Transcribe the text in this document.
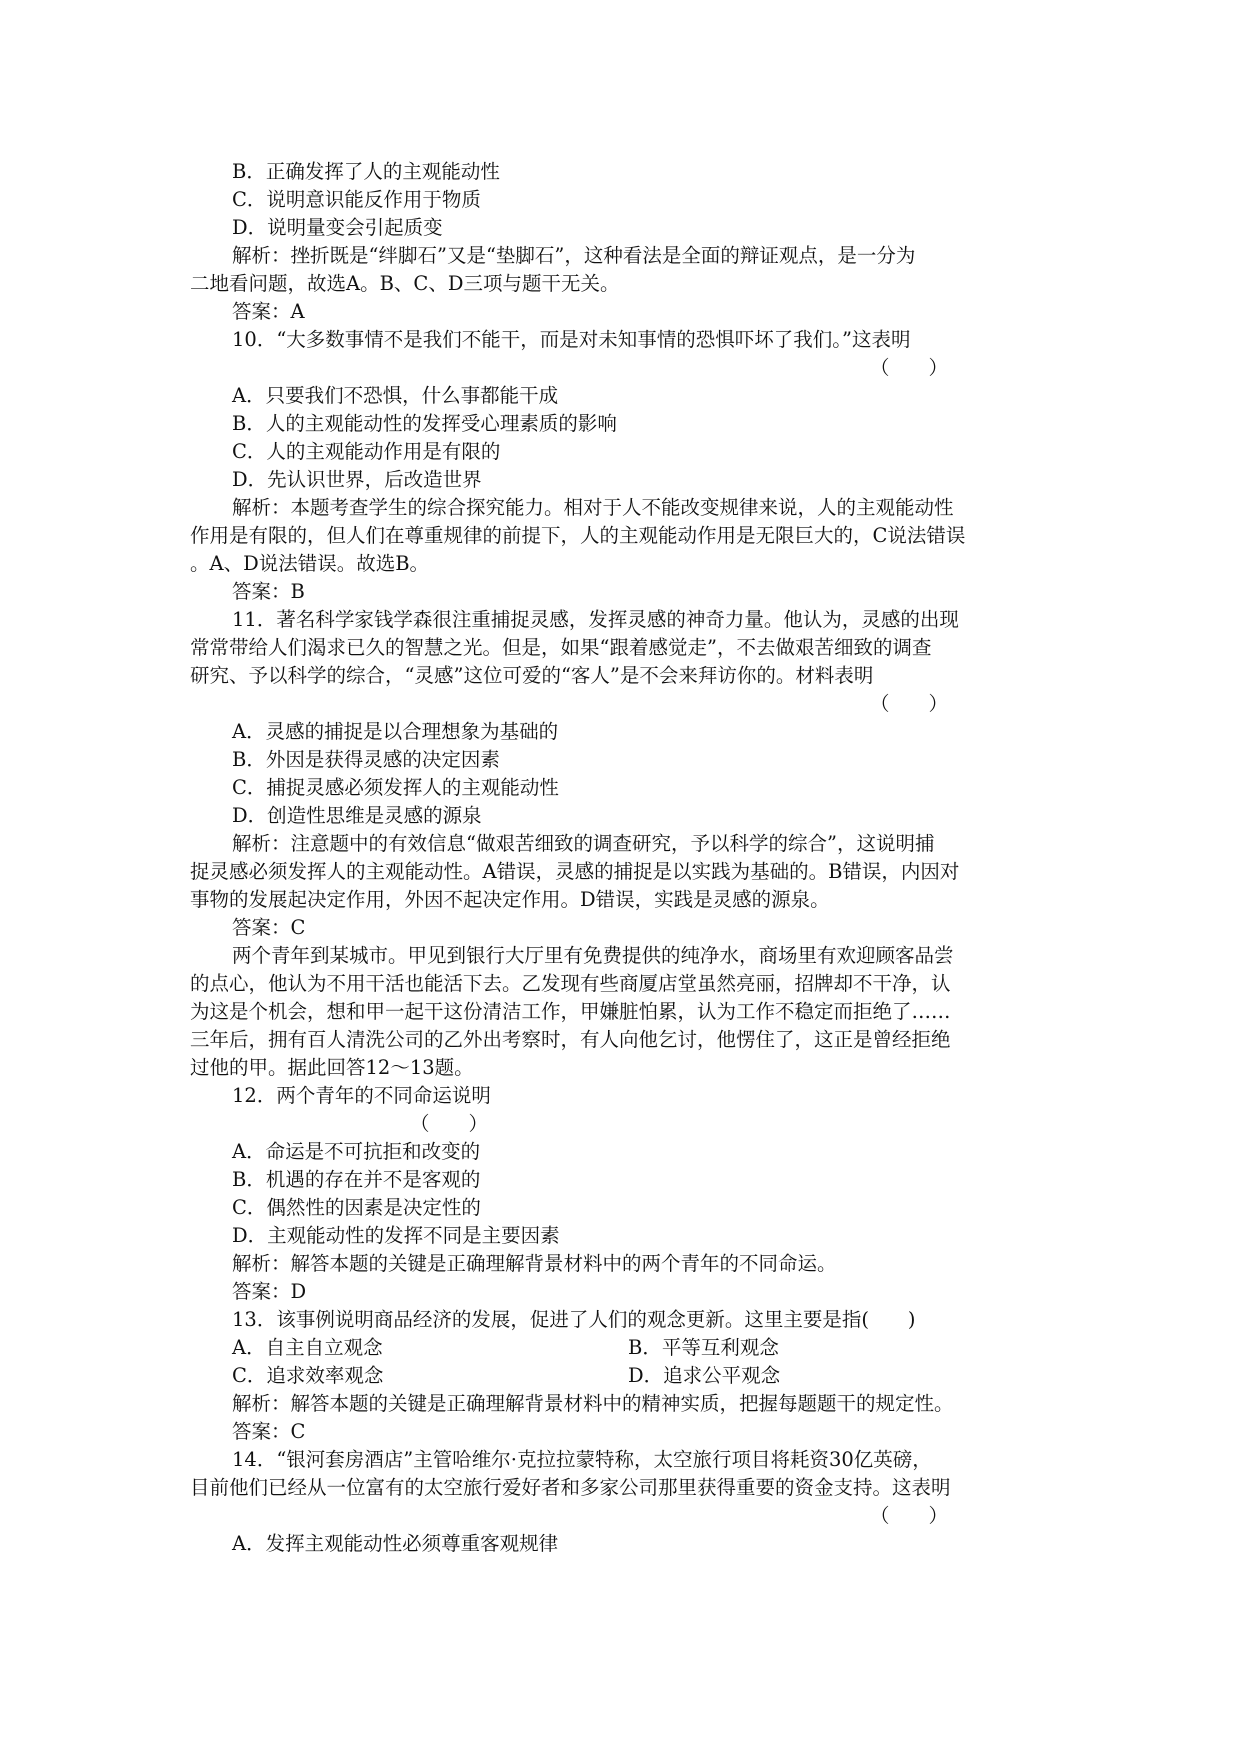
B．正确发挥了人的主观能动性
C．说明意识能反作用于物质
D．说明量变会引起质变
解析：挫折既是“绊脚石”又是“垫脚石”，这种看法是全面的辩证观点，是一分为
二地看问题，故选A。B、C、D三项与题干无关。
答案：A
10．“大多数事情不是我们不能干，而是对未知事情的恐惧吓坏了我们。”这表明
（　　）
A．只要我们不恐惧，什么事都能干成
B．人的主观能动性的发挥受心理素质的影响
C．人的主观能动作用是有限的
D．先认识世界，后改造世界
解析：本题考查学生的综合探究能力。相对于人不能改变规律来说，人的主观能动性
作用是有限的，但人们在尊重规律的前提下，人的主观能动作用是无限巨大的，C说法错误
。A、D说法错误。故选B。
答案：B
11．著名科学家钱学森很注重捕捉灵感，发挥灵感的神奇力量。他认为，灵感的出现
常常带给人们渴求已久的智慧之光。但是，如果“跟着感觉走”，不去做艰苦细致的调查
研究、予以科学的综合，“灵感”这位可爱的“客人”是不会来拜访你的。材料表明
（　　）
A．灵感的捕捉是以合理想象为基础的
B．外因是获得灵感的决定因素
C．捕捉灵感必须发挥人的主观能动性
D．创造性思维是灵感的源泉
解析：注意题中的有效信息“做艰苦细致的调查研究，予以科学的综合”，这说明捕
捉灵感必须发挥人的主观能动性。A错误，灵感的捕捉是以实践为基础的。B错误，内因对
事物的发展起决定作用，外因不起决定作用。D错误，实践是灵感的源泉。
答案：C
两个青年到某城市。甲见到银行大厅里有免费提供的纯净水，商场里有欢迎顾客品尝
的点心，他认为不用干活也能活下去。乙发现有些商厦店堂虽然亮丽，招牌却不干净，认
为这是个机会，想和甲一起干这份清洁工作，甲嫌脏怕累，认为工作不稳定而拒绝了……
三年后，拥有百人清洗公司的乙外出考察时，有人向他乞讨，他愣住了，这正是曾经拒绝
过他的甲。据此回答12～13题。
12．两个青年的不同命运说明
（　　）
A．命运是不可抗拒和改变的
B．机遇的存在并不是客观的
C．偶然性的因素是决定性的
D．主观能动性的发挥不同是主要因素
解析：解答本题的关键是正确理解背景材料中的两个青年的不同命运。
答案：D
13．该事例说明商品经济的发展，促进了人们的观念更新。这里主要是指(　　)
A．自主自立观念	B．平等互利观念
C．追求效率观念	D．追求公平观念
解析：解答本题的关键是正确理解背景材料中的精神实质，把握每题题干的规定性。
答案：C
14．“银河套房酒店”主管哈维尔·克拉拉蒙特称，太空旅行项目将耗资30亿英磅，
目前他们已经从一位富有的太空旅行爱好者和多家公司那里获得重要的资金支持。这表明
（　　）
A．发挥主观能动性必须尊重客观规律
